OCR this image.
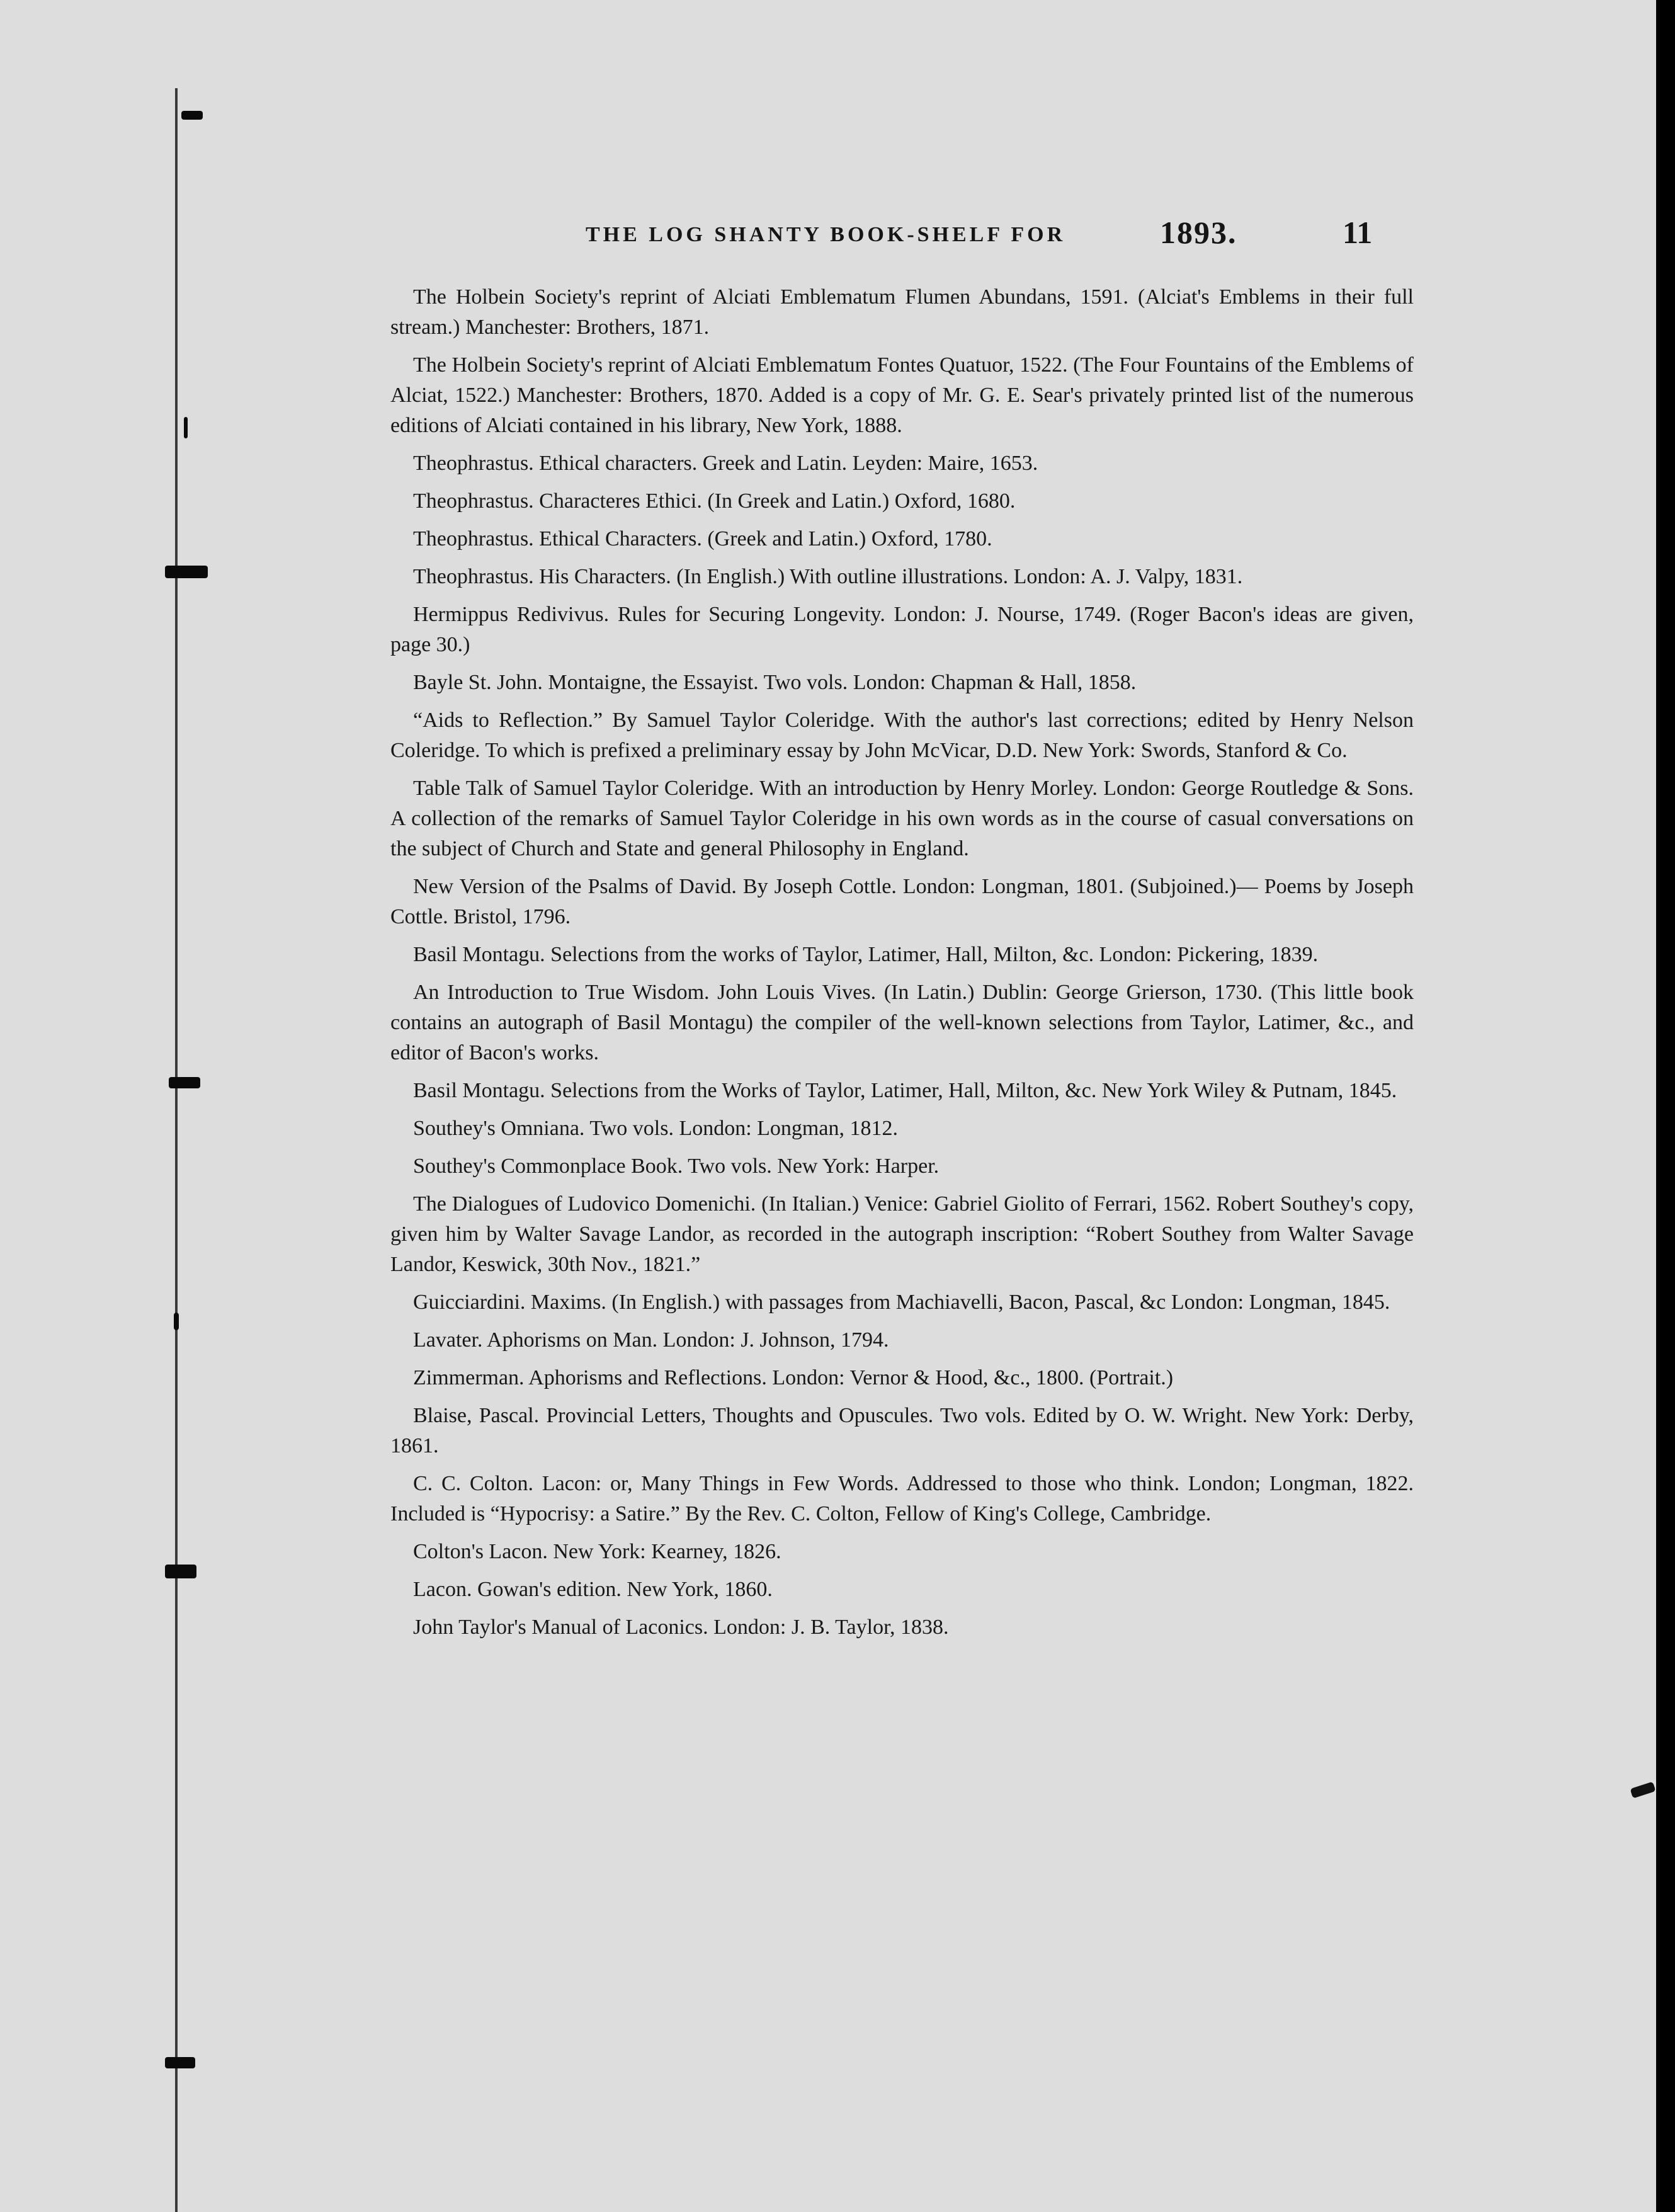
THE LOG SHANTY BOOK-SHELF FOR	1893.	11

The Holbein Society's reprint of Alciati Emblematum Flumen Abundans, 1591. (Alciat's Emblems in their full stream.) Manchester: Brothers, 1871.

The Holbein Society's reprint of Alciati Emblematum Fontes Quatuor, 1522. (The Four Fountains of the Emblems of Alciat, 1522.) Manchester: Brothers, 1870. Added is a copy of Mr. G. E. Sear's privately printed list of the numerous editions of Alciati contained in his library, New York, 1888.

Theophrastus. Ethical characters. Greek and Latin. Leyden: Maire, 1653.

Theophrastus. Characteres Ethici. (In Greek and Latin.) Oxford, 1680.

Theophrastus. Ethical Characters. (Greek and Latin.) Oxford, 1780.

Theophrastus. His Characters. (In English.) With outline illustrations. London: A. J. Valpy, 1831.

Hermippus Redivivus. Rules for Securing Longevity. London: J. Nourse, 1749. (Roger Bacon's ideas are given, page 30.)

Bayle St. John. Montaigne, the Essayist. Two vols. London: Chapman & Hall, 1858.

“Aids to Reflection.” By Samuel Taylor Coleridge. With the author's last corrections; edited by Henry Nelson Coleridge. To which is prefixed a preliminary essay by John McVicar, D.D. New York: Swords, Stanford & Co.

Table Talk of Samuel Taylor Coleridge. With an introduction by Henry Morley. London: George Routledge & Sons. A collection of the remarks of Samuel Taylor Coleridge in his own words as in the course of casual conversations on the subject of Church and State and general Philosophy in England.

New Version of the Psalms of David. By Joseph Cottle. London: Longman, 1801. (Subjoined.)— Poems by Joseph Cottle. Bristol, 1796.

Basil Montagu. Selections from the works of Taylor, Latimer, Hall, Milton, &c. London: Pickering, 1839.

An Introduction to True Wisdom. John Louis Vives. (In Latin.) Dublin: George Grierson, 1730. (This little book contains an autograph of Basil Montagu) the compiler of the well-known selections from Taylor, Latimer, &c., and editor of Bacon's works.

Basil Montagu. Selections from the Works of Taylor, Latimer, Hall, Milton, &c. New York Wiley & Putnam, 1845.

Southey's Omniana. Two vols. London: Longman, 1812.

Southey's Commonplace Book. Two vols. New York: Harper.

The Dialogues of Ludovico Domenichi. (In Italian.) Venice: Gabriel Giolito of Ferrari, 1562. Robert Southey's copy, given him by Walter Savage Landor, as recorded in the autograph inscription: “Robert Southey from Walter Savage Landor, Keswick, 30th Nov., 1821.”

Guicciardini. Maxims. (In English.) with passages from Machiavelli, Bacon, Pascal, &c London: Longman, 1845.

Lavater. Aphorisms on Man. London: J. Johnson, 1794.

Zimmerman. Aphorisms and Reflections. London: Vernor & Hood, &c., 1800. (Portrait.)

Blaise, Pascal. Provincial Letters, Thoughts and Opuscules. Two vols. Edited by O. W. Wright. New York: Derby, 1861.

C. C. Colton. Lacon: or, Many Things in Few Words. Addressed to those who think. London; Longman, 1822. Included is “Hypocrisy: a Satire.” By the Rev. C. Colton, Fellow of King's College, Cambridge.

Colton's Lacon. New York: Kearney, 1826.

Lacon. Gowan's edition. New York, 1860.

John Taylor's Manual of Laconics. London: J. B. Taylor, 1838.
